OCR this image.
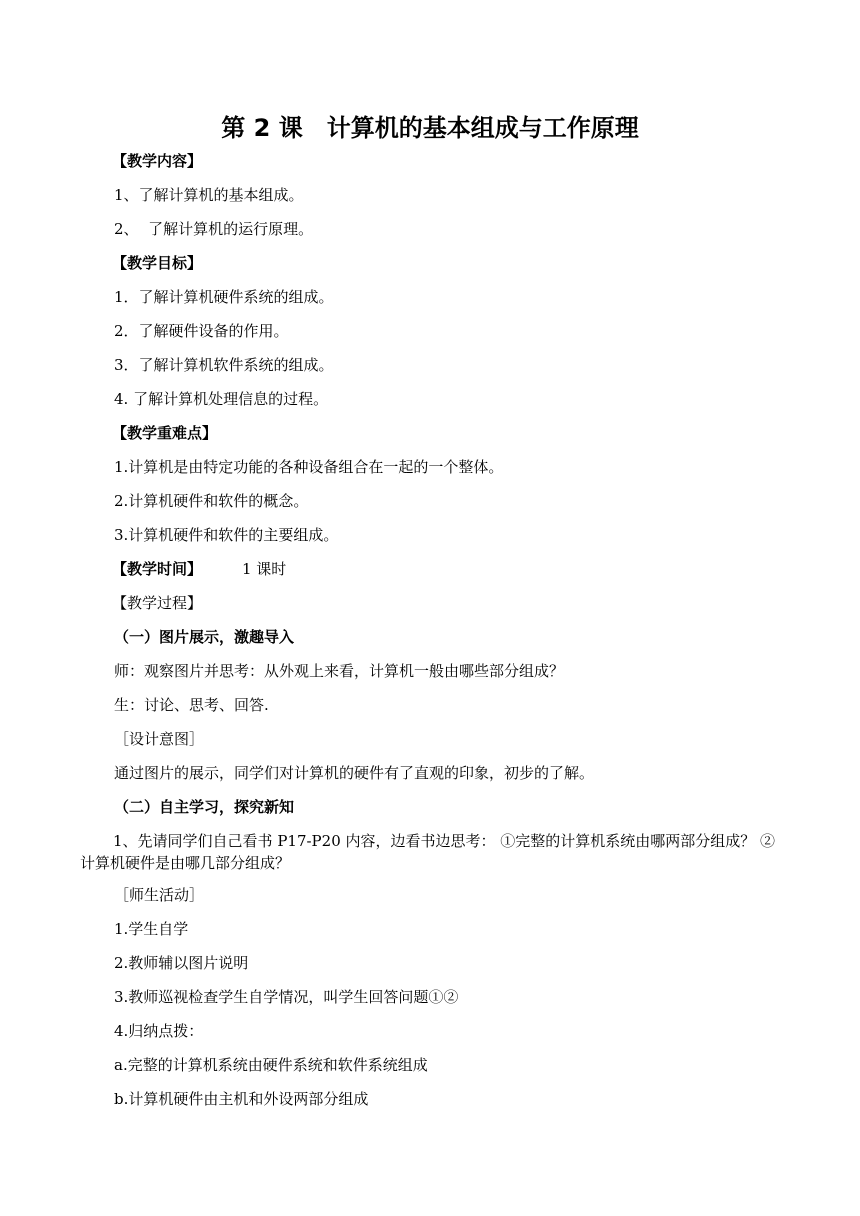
第 2 课　计算机的基本组成与工作原理
【教学内容】
1、了解计算机的基本组成。
2、  了解计算机的运行原理。
【教学目标】
1．了解计算机硬件系统的组成。
2．了解硬件设备的作用。
3．了解计算机软件系统的组成。
4. 了解计算机处理信息的过程。
【教学重难点】
1.计算机是由特定功能的各种设备组合在一起的一个整体。
2.计算机硬件和软件的概念。
3.计算机硬件和软件的主要组成。
【教学时间】	1 课时
【教学过程】
（一）图片展示，激趣导入
师：观察图片并思考：从外观上来看，计算机一般由哪些部分组成？
生：讨论、思考、回答.
［设计意图］
通过图片的展示，同学们对计算机的硬件有了直观的印象，初步的了解。
（二）自主学习，探究新知
1、先请同学们自己看书 P17-P20 内容，边看书边思考： ①完整的计算机系统由哪两部分组成？ ②计算机硬件是由哪几部分组成？
［师生活动］
1.学生自学
2.教师辅以图片说明
3.教师巡视检查学生自学情况，叫学生回答问题①②
4.归纳点拨：
a.完整的计算机系统由硬件系统和软件系统组成
b.计算机硬件由主机和外设两部分组成
